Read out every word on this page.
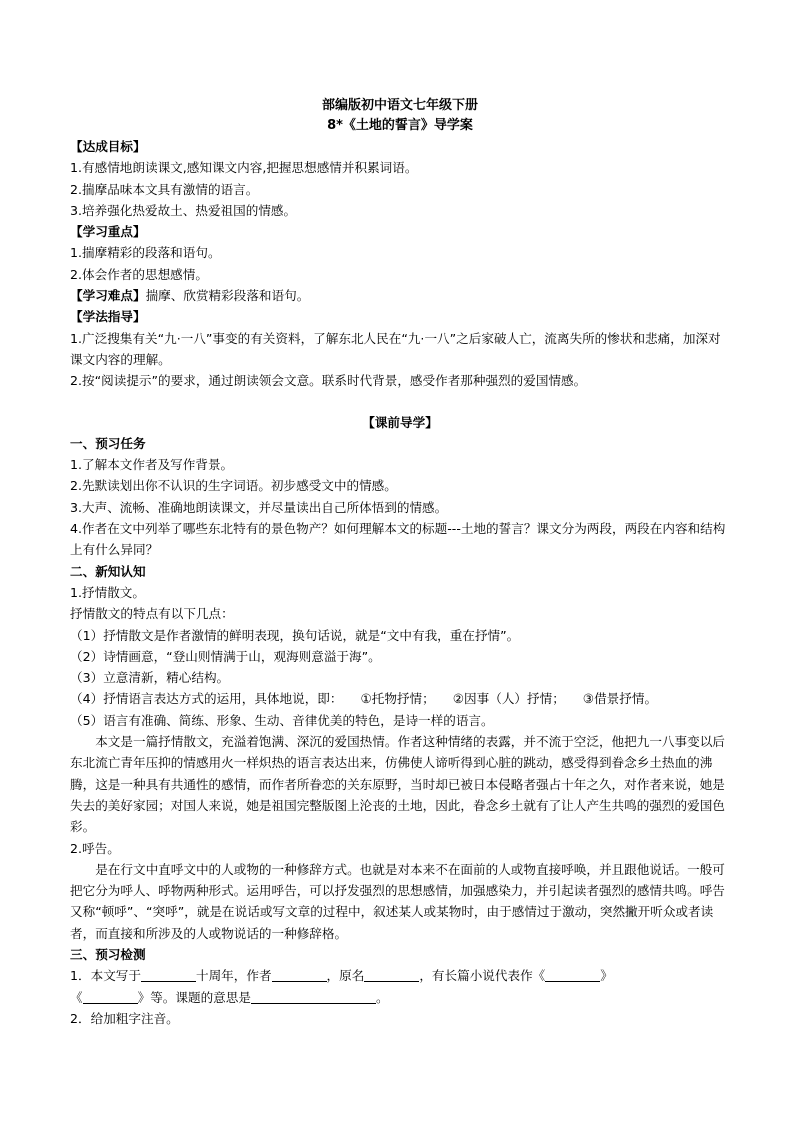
部编版初中语文七年级下册

8*《土地的誓言》导学案

【达成目标】

1.有感情地朗读课文,感知课文内容,把握思想感情并积累词语。

2.揣摩品味本文具有激情的语言。

3.培养强化热爱故土、热爱祖国的情感。

【学习重点】

1.揣摩精彩的段落和语句。

2.体会作者的思想感情。

【学习难点】揣摩、欣赏精彩段落和语句。

【学法指导】

1.广泛搜集有关“九·一八”事变的有关资料，了解东北人民在“九·一八”之后家破人亡，流离失所的惨状和悲痛，加深对课文内容的理解。

2.按“阅读提示”的要求，通过朗读领会文意。联系时代背景，感受作者那种强烈的爱国情感。

【课前导学】

一、预习任务

1.了解本文作者及写作背景。

2.先默读划出你不认识的生字词语。初步感受文中的情感。

3.大声、流畅、准确地朗读课文，并尽量读出自己所体悟到的情感。

4.作者在文中列举了哪些东北特有的景色物产？如何理解本文的标题---土地的誓言？课文分为两段，两段在内容和结构上有什么异同？

二、新知认知

1.抒情散文。

抒情散文的特点有以下几点：

（1）抒情散文是作者激情的鲜明表现，换句话说，就是“文中有我，重在抒情”。

（2）诗情画意，“登山则情满于山，观海则意溢于海”。

（3）立意清新，精心结构。

（4）抒情语言表达方式的运用，具体地说，即： ①托物抒情； ②因事（人）抒情； ③借景抒情。

（5）语言有准确、简练、形象、生动、音律优美的特色，是诗一样的语言。

本文是一篇抒情散文，充溢着饱满、深沉的爱国热情。作者这种情绪的表露，并不流于空泛，他把九一八事变以后东北流亡青年压抑的情感用火一样炽热的语言表达出来，仿佛使人谛听得到心脏的跳动，感受得到眷念乡土热血的沸腾，这是一种具有共通性的感情，而作者所眷恋的关东原野，当时却已被日本侵略者强占十年之久，对作者来说，她是失去的美好家园；对国人来说，她是祖国完整版图上沦丧的土地，因此，眷念乡土就有了让人产生共鸣的强烈的爱国色彩。

2.呼告。

是在行文中直呼文中的人或物的一种修辞方式。也就是对本来不在面前的人或物直接呼唤，并且跟他说话。一般可把它分为呼人、呼物两种形式。运用呼告，可以抒发强烈的思想感情，加强感染力，并引起读者强烈的感情共鸣。呼告又称“顿呼”、“突呼”，就是在说话或写文章的过程中，叙述某人或某物时，由于感情过于激动，突然撇开听众或者读者，而直接和所涉及的人或物说话的一种修辞格。

三、预习检测

1．本文写于	十周年，作者	，原名	，有长篇小说代表作《	》

《	》等。课题的意思是	。

2．给加粗字注音。
